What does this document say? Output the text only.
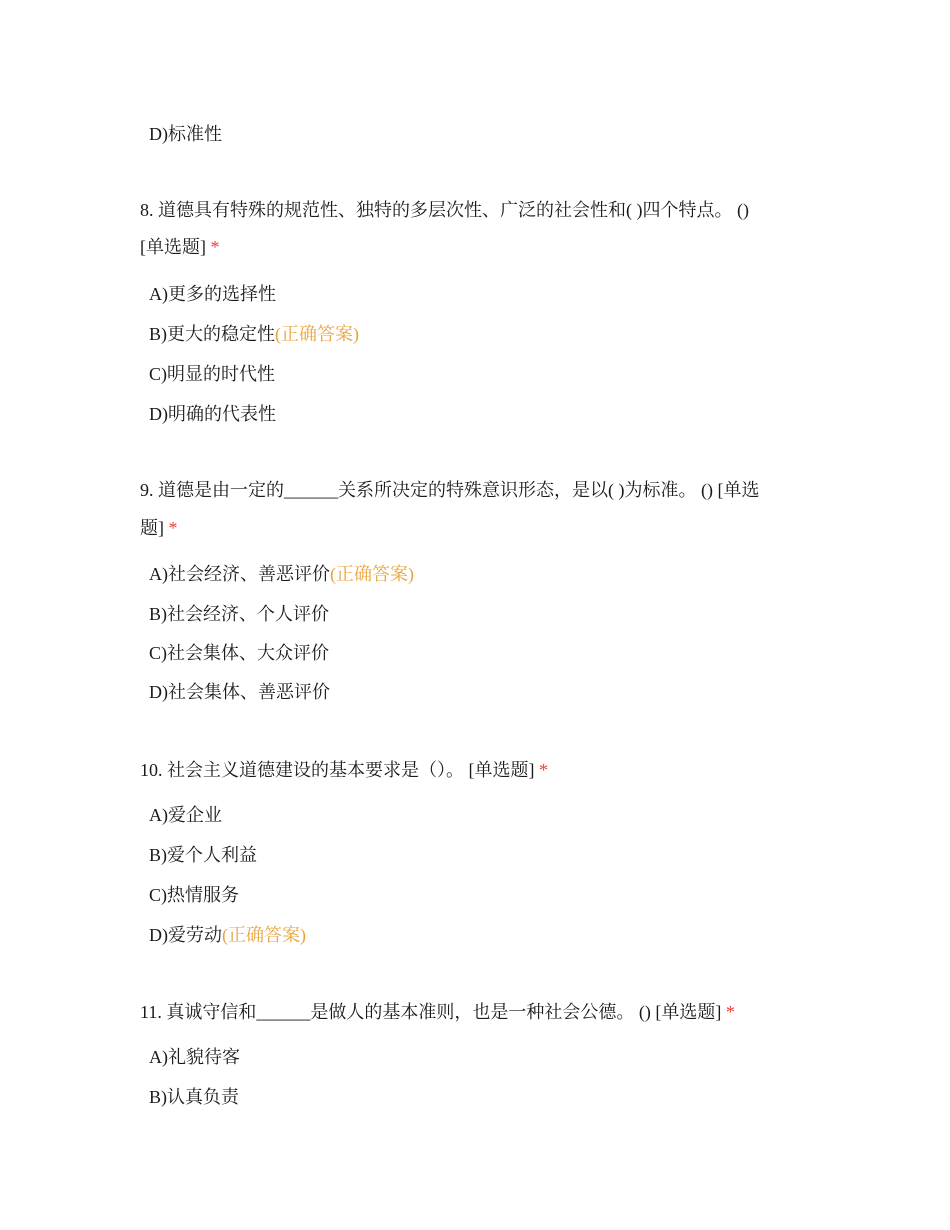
D)标准性
8. 道德具有特殊的规范性、独特的多层次性、广泛的社会性和( )四个特点。 ()
[单选题] *
A)更多的选择性
B)更大的稳定性(正确答案)
C)明显的时代性
D)明确的代表性
9. 道德是由一定的______关系所决定的特殊意识形态，是以( )为标准。 () [单选
题] *
A)社会经济、善恶评价(正确答案)
B)社会经济、个人评价
C)社会集体、大众评价
D)社会集体、善恶评价
10. 社会主义道德建设的基本要求是（）。 [单选题] *
A)爱企业
B)爱个人利益
C)热情服务
D)爱劳动(正确答案)
11. 真诚守信和______是做人的基本准则，也是一种社会公德。 () [单选题] *
A)礼貌待客
B)认真负责
